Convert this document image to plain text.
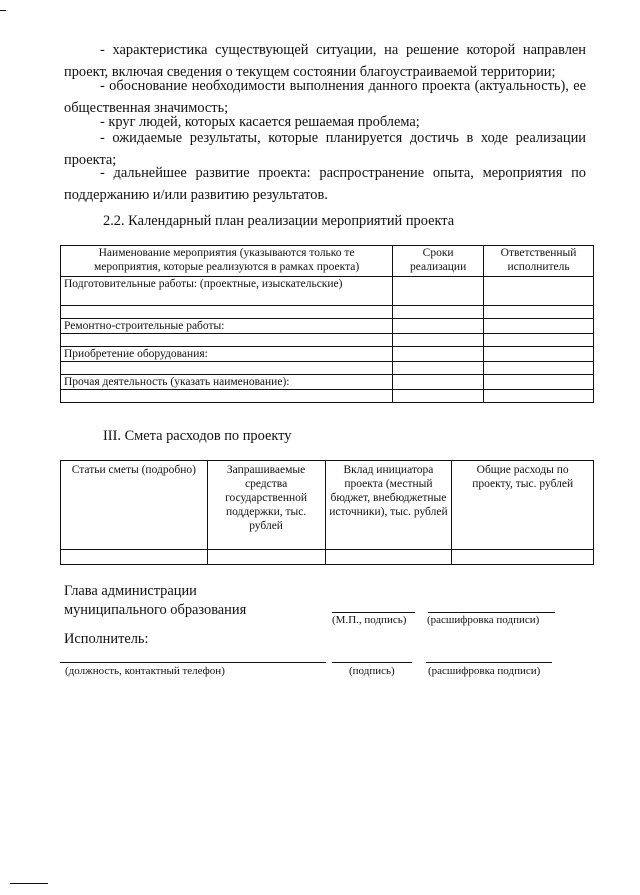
- характеристика существующей ситуации, на решение которой направлен проект, включая сведения о текущем состоянии благоустраиваемой территории;

- обоснование необходимости выполнения данного проекта (актуальность), ее общественная значимость;

- круг людей, которых касается решаемая проблема;

- ожидаемые результаты, которые планируется достичь в ходе реализации проекта;

- дальнейшее развитие проекта: распространение опыта, мероприятия по поддержанию и/или развитию результатов.

2.2. Календарный план реализации мероприятий проекта

Наименование мероприятия (указываются только те мероприятия, которые реализуются в рамках проекта)	Сроки реализации	Ответственный исполнитель
Подготовительные работы: (проектные, изыскательские)		

Ремонтно-строительные работы:		

Приобретение оборудования:		

Прочая деятельность (указать наименование):		

III. Смета расходов по проекту

Статьи сметы (подробно)	Запрашиваемые средства государственной поддержки, тыс. рублей	Вклад инициатора проекта (местный бюджет, внебюджетные источники), тыс. рублей	Общие расходы по проекту, тыс. рублей

Глава администрации муниципального образования

(М.П., подпись) (расшифровка подписи)

Исполнитель:

(должность, контактный телефон)	(подпись)	(расшифровка подписи)
